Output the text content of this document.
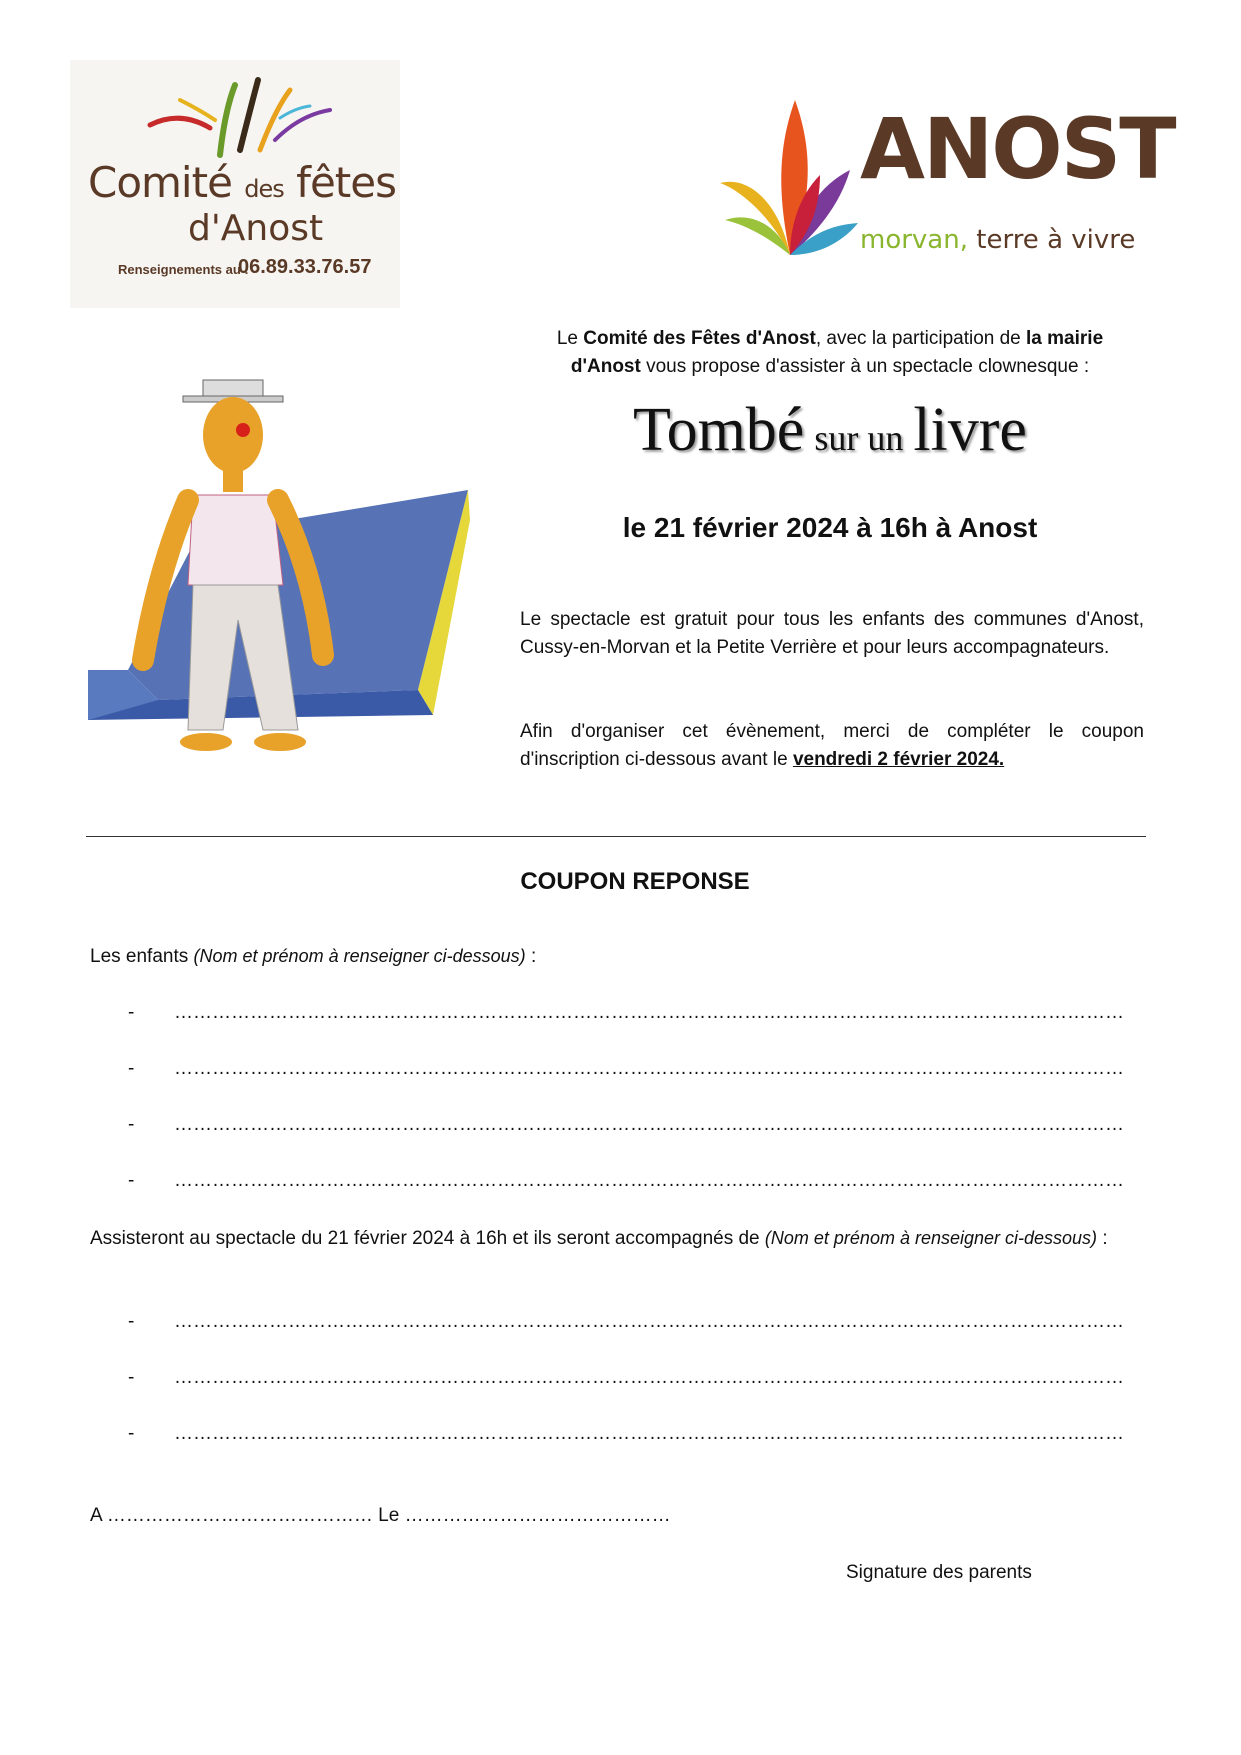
Comité des fêtes
d'Anost
Renseignements au :
06.89.33.76.57
ANOST
morvan, terre à vivre
Le Comité des Fêtes d'Anost, avec la participation de la mairie d'Anost vous propose d'assister à un spectacle clownesque :
Tombé sur un livre
le 21 février 2024 à 16h à Anost
Le spectacle est gratuit pour tous les enfants des communes d'Anost, Cussy-en-Morvan et la Petite Verrière et pour leurs accompagnateurs.
Afin d'organiser cet évènement, merci de compléter le coupon d'inscription ci-dessous avant le vendredi 2 février 2024.
COUPON REPONSE
Les enfants (Nom et prénom à renseigner ci-dessous) :
- ……………………………………………………………………………………………………………………………………
- ……………………………………………………………………………………………………………………………………
- ……………………………………………………………………………………………………………………………………
- ……………………………………………………………………………………………………………………………………
Assisteront au spectacle du 21 février 2024 à 16h et ils seront accompagnés de (Nom et prénom à renseigner ci-dessous) :
- ……………………………………………………………………………………………………………………………………
- ……………………………………………………………………………………………………………………………………
- ……………………………………………………………………………………………………………………………………
A …………………………………… Le ……………………………………
Signature des parents
